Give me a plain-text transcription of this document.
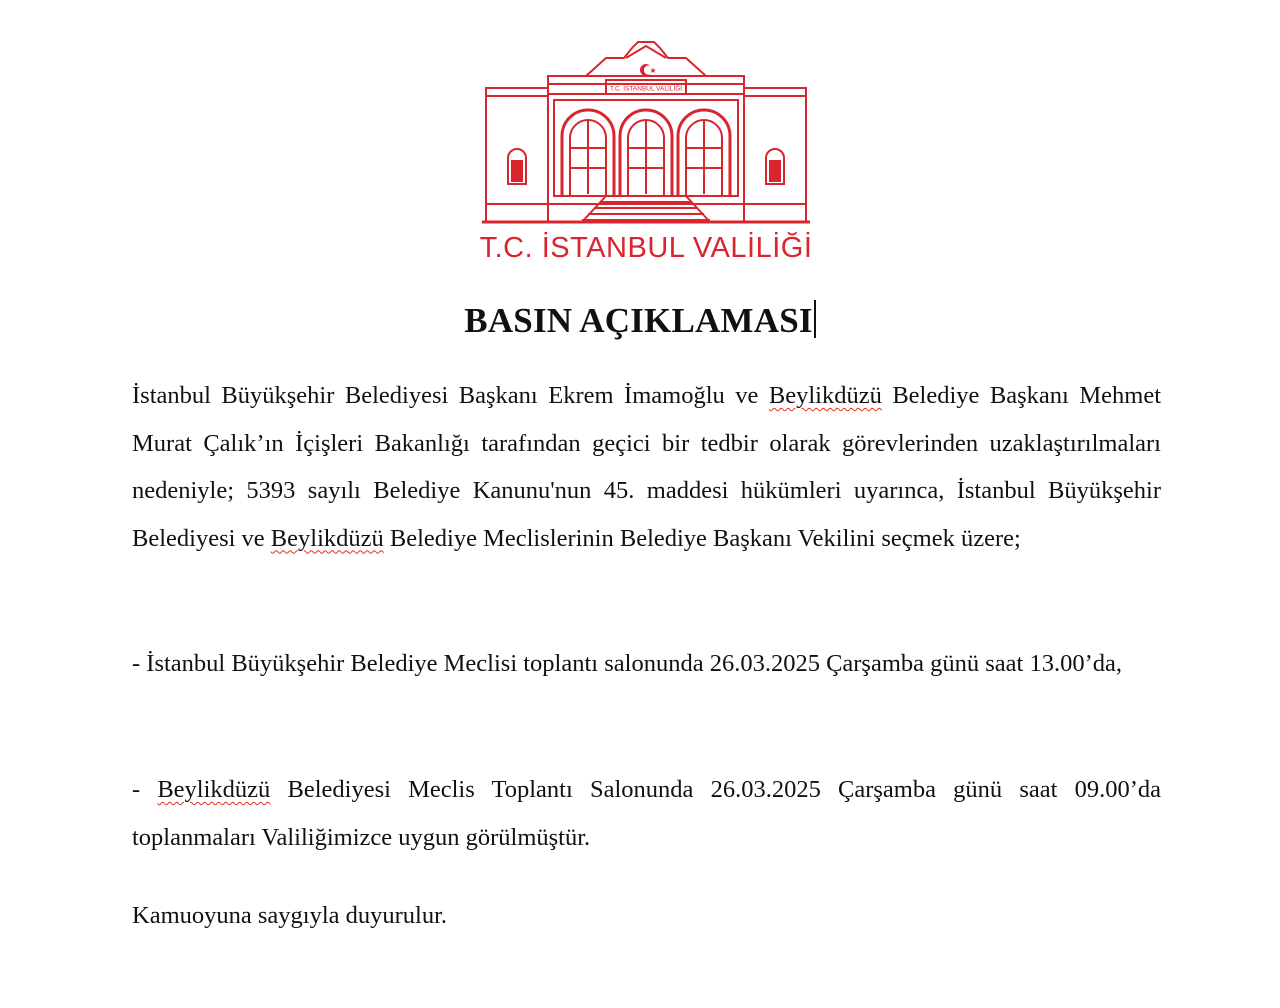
T.C. İSTANBUL VALİLİĞİ
T.C. İSTANBUL VALİLİĞİ
BASIN AÇIKLAMASI
İstanbul Büyükşehir Belediyesi Başkanı Ekrem İmamoğlu ve Beylikdüzü Belediye Başkanı Mehmet Murat Çalık’ın İçişleri Bakanlığı tarafından geçici bir tedbir olarak görevlerinden uzaklaştırılmaları nedeniyle; 5393 sayılı Belediye Kanunu'nun 45. maddesi hükümleri uyarınca, İstanbul Büyükşehir Belediyesi ve Beylikdüzü Belediye Meclislerinin Belediye Başkanı Vekilini seçmek üzere;
- İstanbul Büyükşehir Belediye Meclisi toplantı salonunda 26.03.2025 Çarşamba günü saat 13.00’da,
- Beylikdüzü Belediyesi Meclis Toplantı Salonunda 26.03.2025 Çarşamba günü saat 09.00’da toplanmaları Valiliğimizce uygun görülmüştür.
Kamuoyuna saygıyla duyurulur.
